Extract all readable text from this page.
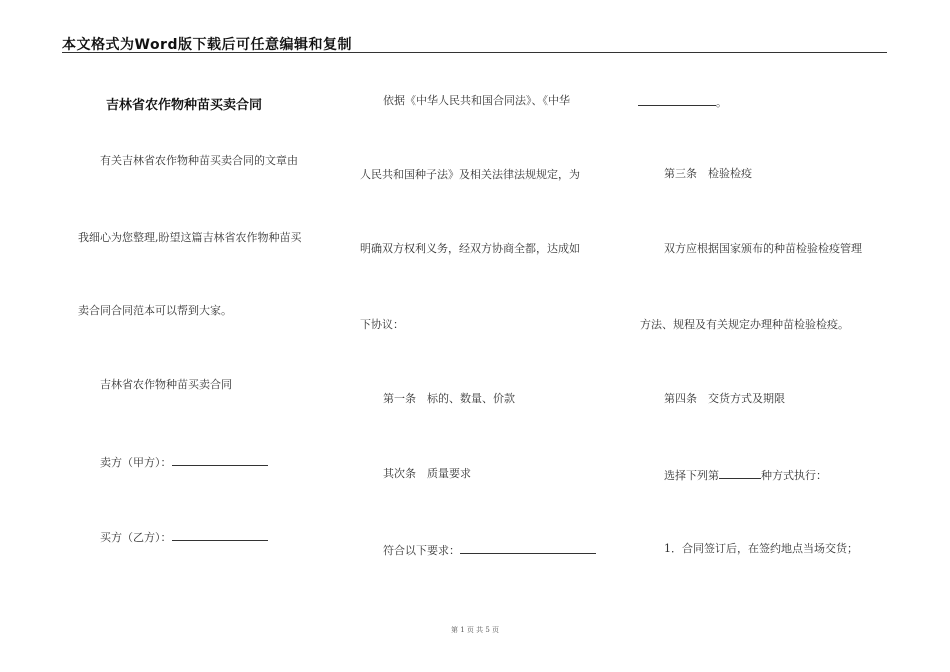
本文格式为Word版下载后可任意编辑和复制
吉林省农作物种苗买卖合同
有关吉林省农作物种苗买卖合同的文章由
我细心为您整理,盼望这篇吉林省农作物种苗买
卖合同合同范本可以帮到大家。
吉林省农作物种苗买卖合同
卖方（甲方）：
买方（乙方）：
依据《中华人民共和国合同法》、《中华
人民共和国种子法》及相关法律法规规定，为
明确双方权利义务，经双方协商全都，达成如
下协议：
第一条　标的、数量、价款
其次条　质量要求
符合以下要求：
。
第三条　检验检疫
双方应根据国家颁布的种苗检验检疫管理
方法、规程及有关规定办理种苗检验检疫。
第四条　交货方式及期限
选择下列第	种方式执行：
1．合同签订后，在签约地点当场交货；
第 1 页 共 5 页
